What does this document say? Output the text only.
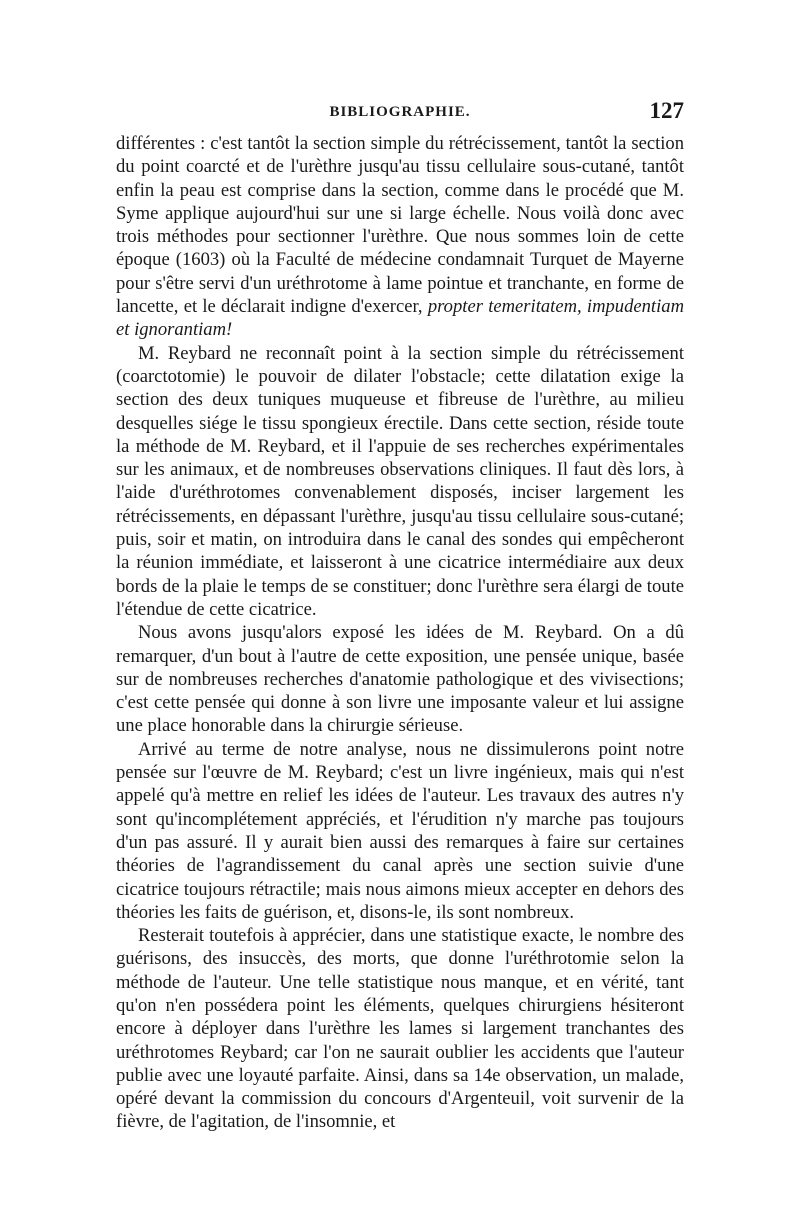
BIBLIOGRAPHIE.	127

différentes : c'est tantôt la section simple du rétrécissement, tantôt la section du point coarcté et de l'urèthre jusqu'au tissu cellulaire sous-cutané, tantôt enfin la peau est comprise dans la section, comme dans le procédé que M. Syme applique aujourd'hui sur une si large échelle. Nous voilà donc avec trois méthodes pour sectionner l'urèthre. Que nous sommes loin de cette époque (1603) où la Faculté de médecine condamnait Turquet de Mayerne pour s'être servi d'un uréthrotome à lame pointue et tranchante, en forme de lancette, et le déclarait indigne d'exercer, propter temeritatem, impudentiam et ignorantiam!

M. Reybard ne reconnaît point à la section simple du rétrécissement (coarctotomie) le pouvoir de dilater l'obstacle; cette dilatation exige la section des deux tuniques muqueuse et fibreuse de l'urèthre, au milieu desquelles siége le tissu spongieux érectile. Dans cette section, réside toute la méthode de M. Reybard, et il l'appuie de ses recherches expérimentales sur les animaux, et de nombreuses observations cliniques. Il faut dès lors, à l'aide d'uréthrotomes convenablement disposés, inciser largement les rétrécissements, en dépassant l'urèthre, jusqu'au tissu cellulaire sous-cutané; puis, soir et matin, on introduira dans le canal des sondes qui empêcheront la réunion immédiate, et laisseront à une cicatrice intermédiaire aux deux bords de la plaie le temps de se constituer; donc l'urèthre sera élargi de toute l'étendue de cette cicatrice.

Nous avons jusqu'alors exposé les idées de M. Reybard. On a dû remarquer, d'un bout à l'autre de cette exposition, une pensée unique, basée sur de nombreuses recherches d'anatomie pathologique et des vivisections; c'est cette pensée qui donne à son livre une imposante valeur et lui assigne une place honorable dans la chirurgie sérieuse.

Arrivé au terme de notre analyse, nous ne dissimulerons point notre pensée sur l'œuvre de M. Reybard; c'est un livre ingénieux, mais qui n'est appelé qu'à mettre en relief les idées de l'auteur. Les travaux des autres n'y sont qu'incomplétement appréciés, et l'érudition n'y marche pas toujours d'un pas assuré. Il y aurait bien aussi des remarques à faire sur certaines théories de l'agrandissement du canal après une section suivie d'une cicatrice toujours rétractile; mais nous aimons mieux accepter en dehors des théories les faits de guérison, et, disons-le, ils sont nombreux.

Resterait toutefois à apprécier, dans une statistique exacte, le nombre des guérisons, des insuccès, des morts, que donne l'uréthrotomie selon la méthode de l'auteur. Une telle statistique nous manque, et en vérité, tant qu'on n'en possédera point les éléments, quelques chirurgiens hésiteront encore à déployer dans l'urèthre les lames si largement tranchantes des uréthrotomes Reybard; car l'on ne saurait oublier les accidents que l'auteur publie avec une loyauté parfaite. Ainsi, dans sa 14e observation, un malade, opéré devant la commission du concours d'Argenteuil, voit survenir de la fièvre, de l'agitation, de l'insomnie, et
